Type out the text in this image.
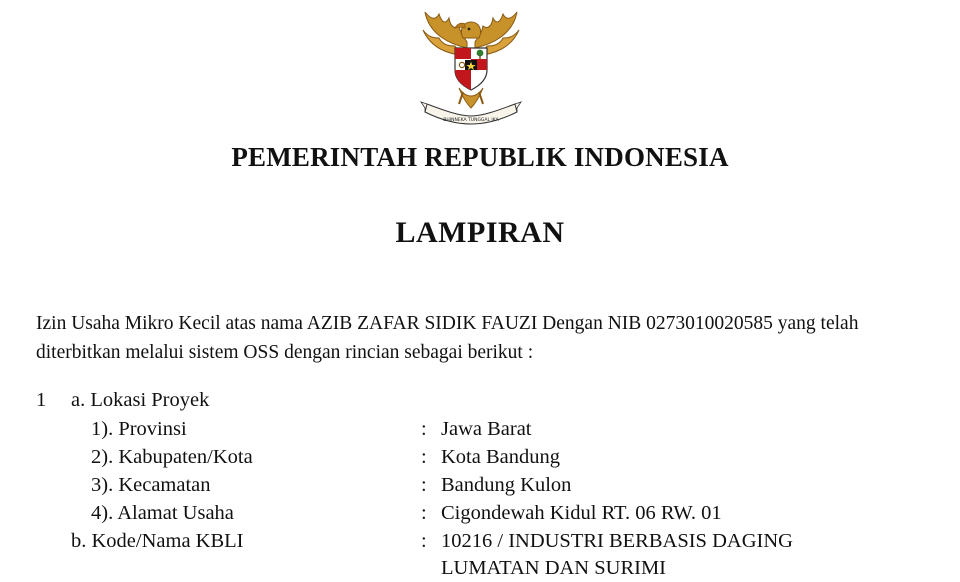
BHINNEKA TUNGGAL IKA
PEMERINTAH REPUBLIK INDONESIA
LAMPIRAN

Izin Usaha Mikro Kecil atas nama AZIB ZAFAR SIDIK FAUZI Dengan NIB 0273010020585 yang telah

diterbitkan melalui sistem OSS dengan rincian sebagai berikut :

1 a. Lokasi Proyek
1). Provinsi	: Jawa Barat
2). Kabupaten/Kota	: Kota Bandung
3). Kecamatan	: Bandung Kulon
4). Alamat Usaha	: Cigondewah Kidul RT. 06 RW. 01
b. Kode/Nama KBLI	: 10216 / INDUSTRI BERBASIS DAGING
LUMATAN DAN SURIMI
